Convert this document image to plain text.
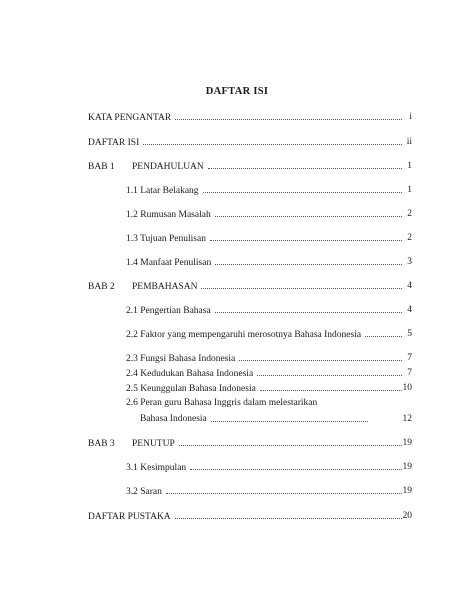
DAFTAR ISI
KATA PENGANTAR	i
DAFTAR ISI	ii
BAB 1 PENDAHULUAN	1
1.1 Latar Belakang	1
1.2 Rumusan Masalah	2
1.3 Tujuan Penulisan	2
1.4 Manfaat Penulisan	3
BAB 2 PEMBAHASAN	4
2.1 Pengertian Bahasa	4
2.2 Faktor yang mempengaruhi merosotnya Bahasa Indonesia	5
2.3 Fungsi Bahasa Indonesia	7
2.4 Kedudukan Bahasa Indonesia	7
2.5 Keunggulan Bahasa Indonesia	10
2.6 Peran guru Bahasa Inggris dalam melestarikan
Bahasa Indonesia	12
BAB 3 PENUTUP	19
3.1 Kesimpulan	19
3.2 Saran	19
DAFTAR PUSTAKA	20
